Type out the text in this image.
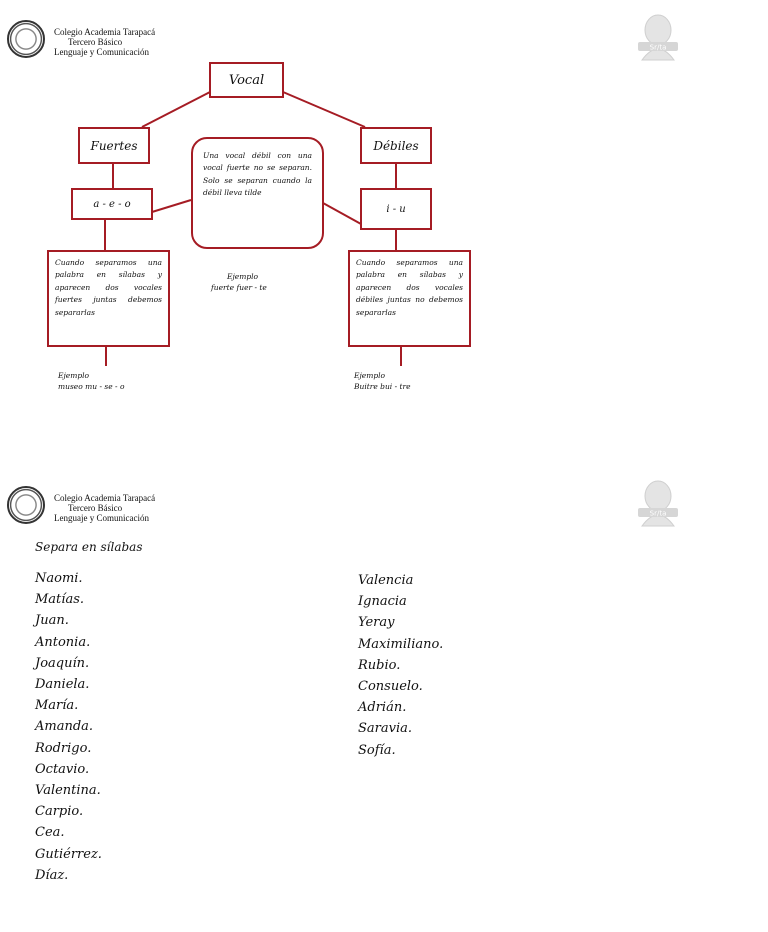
Colegio Academia Tarapacá
Tercero Básico
Lenguaje y Comunicación	Sr/ta
Vocal
Fuertes	Débiles
a - e - o	i - u
Una vocal débil con una vocal fuerte no se separan. Solo se separan cuando la débil lleva tilde
Cuando separamos una palabra en sílabas y aparecen dos vocales fuertes juntas debemos separarlas
Cuando separamos una palabra en sílabas y aparecen dos vocales débiles juntas no debemos separarlas
Ejemplo
fuerte fuer - te
Ejemplo
museo mu - se - o
Ejemplo
Buitre bui - tre
Colegio Academia Tarapacá
Tercero Básico
Lenguaje y Comunicación	Sr/ta
Separa en sílabas
Naomi.
Matías.
Juan.
Antonia.
Joaquín.
Daniela.
María.
Amanda.
Rodrigo.
Octavio.
Valentina.
Carpio.
Cea.
Gutiérrez.
Díaz.
Valencia
Ignacia
Yeray
Maximiliano.
Rubio.
Consuelo.
Adrián.
Saravia.
Sofía.
